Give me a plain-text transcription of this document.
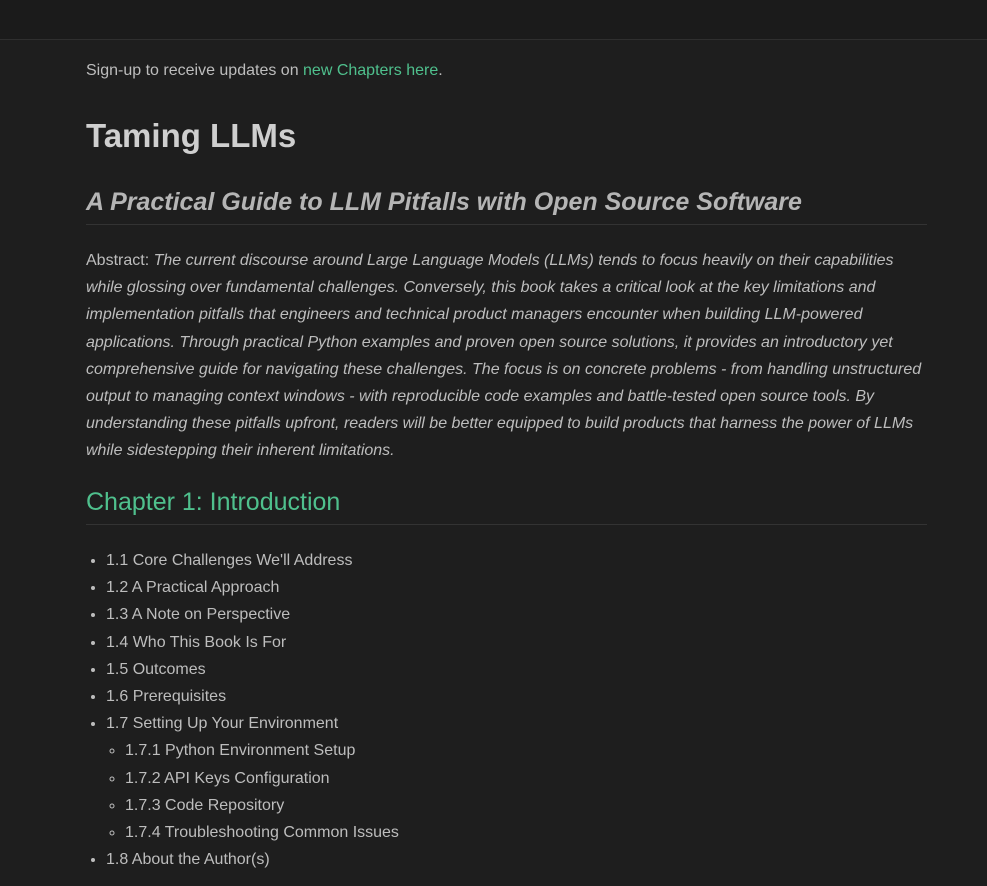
Sign-up to receive updates on new Chapters here.

Taming LLMs
A Practical Guide to LLM Pitfalls with Open Source Software

Abstract: The current discourse around Large Language Models (LLMs) tends to focus heavily on their capabilities while glossing over fundamental challenges. Conversely, this book takes a critical look at the key limitations and implementation pitfalls that engineers and technical product managers encounter when building LLM-powered applications. Through practical Python examples and proven open source solutions, it provides an introductory yet comprehensive guide for navigating these challenges. The focus is on concrete problems - from handling unstructured output to managing context windows - with reproducible code examples and battle-tested open source tools. By understanding these pitfalls upfront, readers will be better equipped to build products that harness the power of LLMs while sidestepping their inherent limitations.

Chapter 1: Introduction
• 1.1 Core Challenges We'll Address
• 1.2 A Practical Approach
• 1.3 A Note on Perspective
• 1.4 Who This Book Is For
• 1.5 Outcomes
• 1.6 Prerequisites
• 1.7 Setting Up Your Environment
◦ 1.7.1 Python Environment Setup
◦ 1.7.2 API Keys Configuration
◦ 1.7.3 Code Repository
◦ 1.7.4 Troubleshooting Common Issues
• 1.8 About the Author(s)
